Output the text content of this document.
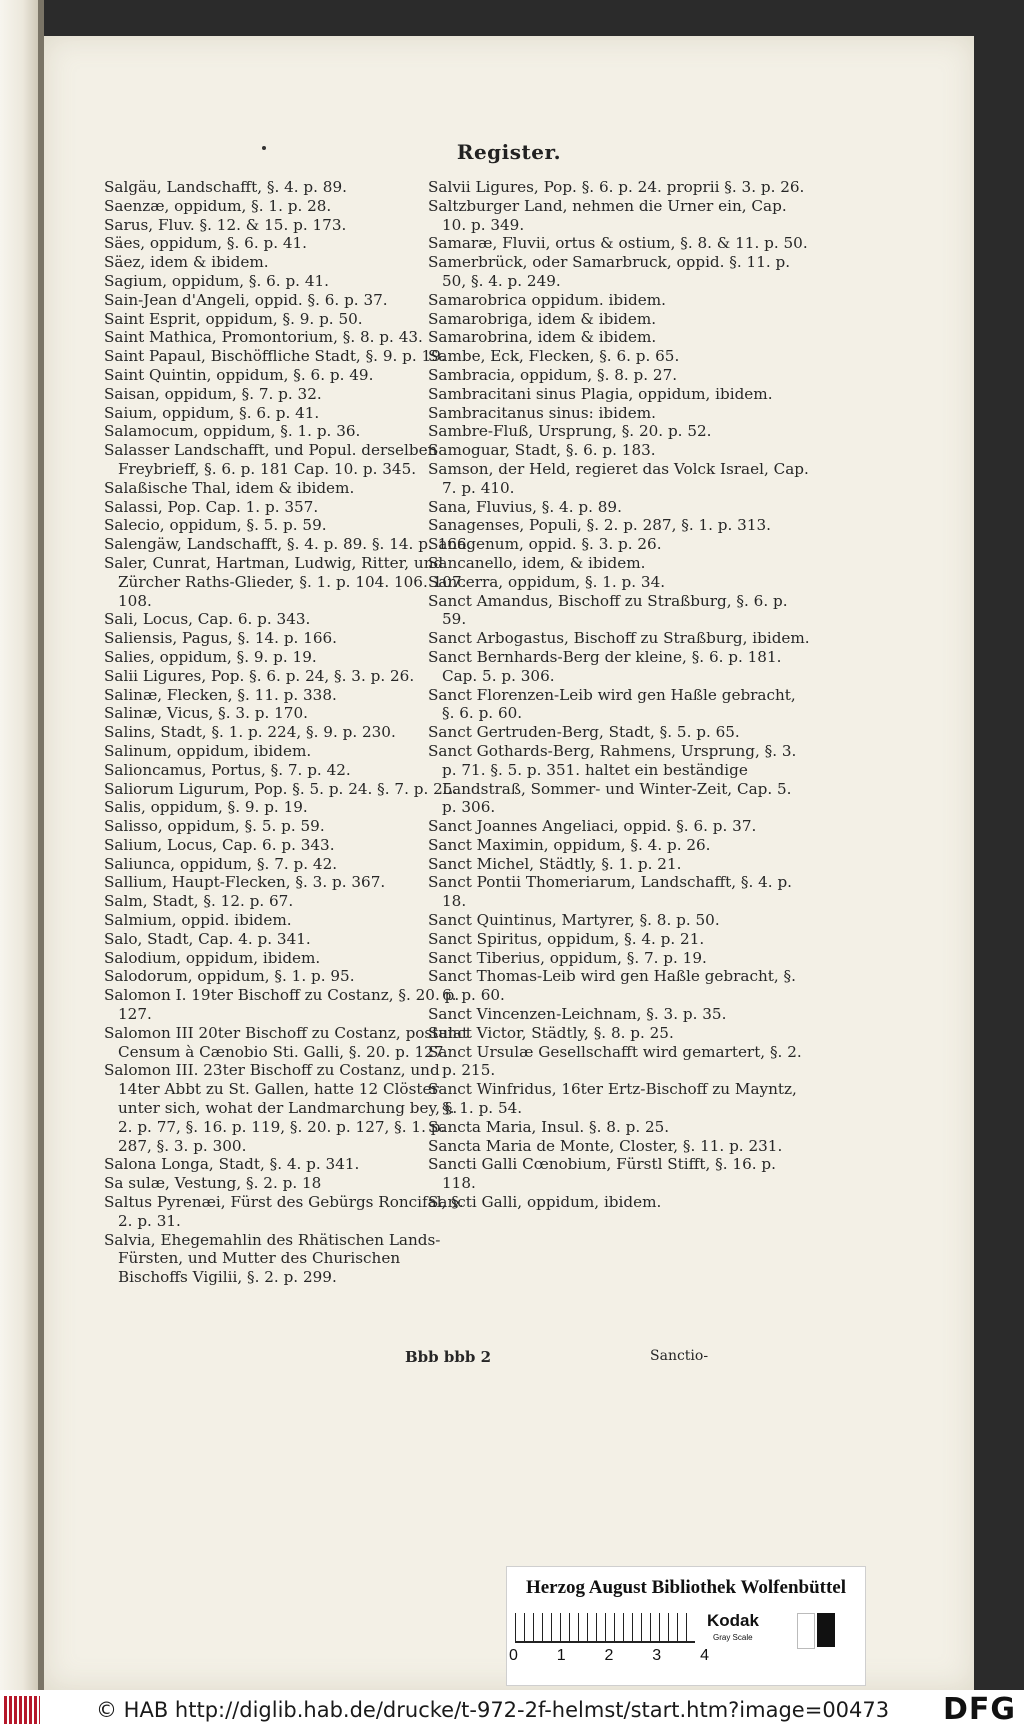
Register.
Salgäu, Landschafft, §. 4. p. 89.
Saenzæ, oppidum, §. 1. p. 28.
Sarus, Fluv. §. 12. & 15. p. 173.
Säes, oppidum, §. 6. p. 41.
Säez, idem & ibidem.
Sagium, oppidum, §. 6. p. 41.
Sain-Jean d'Angeli, oppid. §. 6. p. 37.
Saint Esprit, oppidum, §. 9. p. 50.
Saint Mathica, Promontorium, §. 8. p. 43.
Saint Papaul, Bischöffliche Stadt, §. 9. p. 19.
Saint Quintin, oppidum, §. 6. p. 49.
Saisan, oppidum, §. 7. p. 32.
Saium, oppidum, §. 6. p. 41.
Salamocum, oppidum, §. 1. p. 36.
Salasser Landschafft, und Popul. derselben Freybrieff, §. 6. p. 181 Cap. 10. p. 345.
Salaßische Thal, idem & ibidem.
Salassi, Pop. Cap. 1. p. 357.
Salecio, oppidum, §. 5. p. 59.
Salengäw, Landschafft, §. 4. p. 89. §. 14. p. 166.
Saler, Cunrat, Hartman, Ludwig, Ritter, und Zürcher Raths-Glieder, §. 1. p. 104. 106. 107. 108.
Sali, Locus, Cap. 6. p. 343.
Saliensis, Pagus, §. 14. p. 166.
Salies, oppidum, §. 9. p. 19.
Salii Ligures, Pop. §. 6. p. 24, §. 3. p. 26.
Salinæ, Flecken, §. 11. p. 338.
Salinæ, Vicus, §. 3. p. 170.
Salins, Stadt, §. 1. p. 224, §. 9. p. 230.
Salinum, oppidum, ibidem.
Salioncamus, Portus, §. 7. p. 42.
Saliorum Ligurum, Pop. §. 5. p. 24. §. 7. p. 25.
Salis, oppidum, §. 9. p. 19.
Salisso, oppidum, §. 5. p. 59.
Salium, Locus, Cap. 6. p. 343.
Saliunca, oppidum, §. 7. p. 42.
Sallium, Haupt-Flecken, §. 3. p. 367.
Salm, Stadt, §. 12. p. 67.
Salmium, oppid. ibidem.
Salo, Stadt, Cap. 4. p. 341.
Salodium, oppidum, ibidem.
Salodorum, oppidum, §. 1. p. 95.
Salomon I. 19ter Bischoff zu Costanz, §. 20. p. 127.
Salomon III 20ter Bischoff zu Costanz, postulat Censum à Cænobio Sti. Galli, §. 20. p. 127.
Salomon III. 23ter Bischoff zu Costanz, und 14ter Abbt zu St. Gallen, hatte 12 Clöster unter sich, wohat der Landmarchung bey, §. 2. p. 77, §. 16. p. 119, §. 20. p. 127, §. 1. p. 287, §. 3. p. 300.
Salona Longa, Stadt, §. 4. p. 341.
Sa sulæ, Vestung, §. 2. p. 18
Saltus Pyrenæi, Fürst des Gebürgs Roncifal, §. 2. p. 31.
Salvia, Ehegemahlin des Rhätischen Lands-Fürsten, und Mutter des Churischen Bischoffs Vigilii, §. 2. p. 299.
Salvii Ligures, Pop. §. 6. p. 24. proprii §. 3. p. 26.
Saltzburger Land, nehmen die Urner ein, Cap. 10. p. 349.
Samaræ, Fluvii, ortus & ostium, §. 8. & 11. p. 50.
Samerbrück, oder Samarbruck, oppid. §. 11. p. 50, §. 4. p. 249.
Samarobrica oppidum. ibidem.
Samarobriga, idem & ibidem.
Samarobrina, idem & ibidem.
Sambe, Eck, Flecken, §. 6. p. 65.
Sambracia, oppidum, §. 8. p. 27.
Sambracitani sinus Plagia, oppidum, ibidem.
Sambracitanus sinus: ibidem.
Sambre-Fluß, Ursprung, §. 20. p. 52.
Samoguar, Stadt, §. 6. p. 183.
Samson, der Held, regieret das Volck Israel, Cap. 7. p. 410.
Sana, Fluvius, §. 4. p. 89.
Sanagenses, Populi, §. 2. p. 287, §. 1. p. 313.
Sanagenum, oppid. §. 3. p. 26.
Sancanello, idem, & ibidem.
Sancerra, oppidum, §. 1. p. 34.
Sanct Amandus, Bischoff zu Straßburg, §. 6. p. 59.
Sanct Arbogastus, Bischoff zu Straßburg, ibidem.
Sanct Bernhards-Berg der kleine, §. 6. p. 181. Cap. 5. p. 306.
Sanct Florenzen-Leib wird gen Haßle gebracht, §. 6. p. 60.
Sanct Gertruden-Berg, Stadt, §. 5. p. 65.
Sanct Gothards-Berg, Rahmens, Ursprung, §. 3. p. 71. §. 5. p. 351. haltet ein beständige Landstraß, Sommer- und Winter-Zeit, Cap. 5. p. 306.
Sanct Joannes Angeliaci, oppid. §. 6. p. 37.
Sanct Maximin, oppidum, §. 4. p. 26.
Sanct Michel, Städtly, §. 1. p. 21.
Sanct Pontii Thomeriarum, Landschafft, §. 4. p. 18.
Sanct Quintinus, Martyrer, §. 8. p. 50.
Sanct Spiritus, oppidum, §. 4. p. 21.
Sanct Tiberius, oppidum, §. 7. p. 19.
Sanct Thomas-Leib wird gen Haßle gebracht, §. 6. p. 60.
Sanct Vincenzen-Leichnam, §. 3. p. 35.
Sanct Victor, Städtly, §. 8. p. 25.
Sanct Ursulæ Gesellschafft wird gemartert, §. 2. p. 215.
Sanct Winfridus, 16ter Ertz-Bischoff zu Mayntz, §. 1. p. 54.
Sancta Maria, Insul. §. 8. p. 25.
Sancta Maria de Monte, Closter, §. 11. p. 231.
Sancti Galli Cœnobium, Fürstl Stifft, §. 16. p. 118.
Sancti Galli, oppidum, ibidem.
Bbb bbb 2	Sanctio-
Herzog August Bibliothek Wolfenbüttel
0 1 2 3 4
Kodak
Gray Scale
© HAB http://diglib.hab.de/drucke/t-972-2f-helmst/start.htm?image=00473 DFG
